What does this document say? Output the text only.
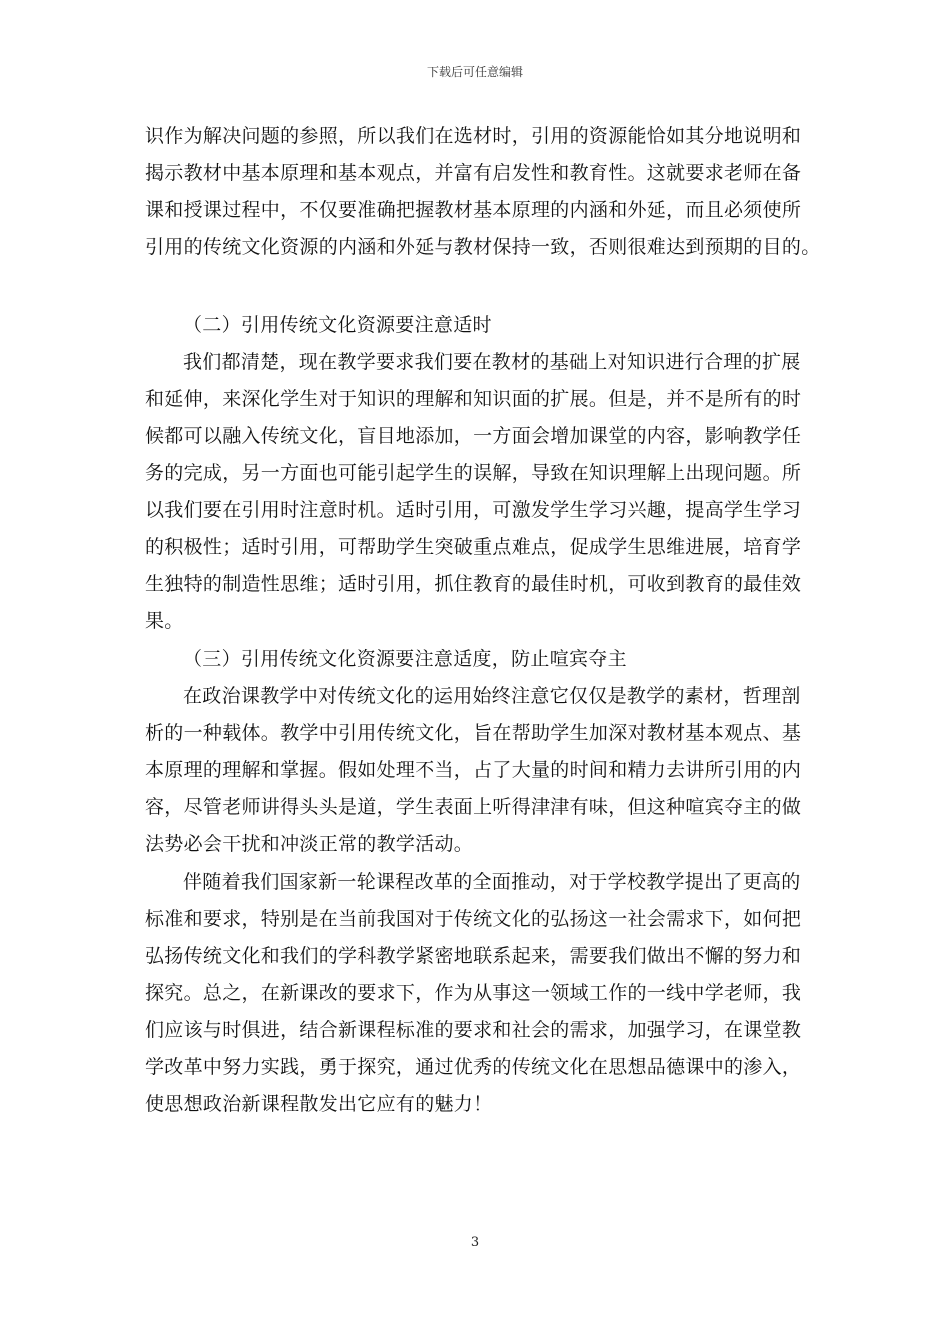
下载后可任意编辑
识作为解决问题的参照，所以我们在选材时，引用的资源能恰如其分地说明和
揭示教材中基本原理和基本观点，并富有启发性和教育性。这就要求老师在备
课和授课过程中，不仅要准确把握教材基本原理的内涵和外延，而且必须使所
引用的传统文化资源的内涵和外延与教材保持一致，否则很难达到预期的目的。
（二）引用传统文化资源要注意适时
我们都清楚，现在教学要求我们要在教材的基础上对知识进行合理的扩展
和延伸，来深化学生对于知识的理解和知识面的扩展。但是，并不是所有的时
候都可以融入传统文化，盲目地添加，一方面会增加课堂的内容，影响教学任
务的完成，另一方面也可能引起学生的误解，导致在知识理解上出现问题。所
以我们要在引用时注意时机。适时引用，可激发学生学习兴趣，提高学生学习
的积极性；适时引用，可帮助学生突破重点难点，促成学生思维进展，培育学
生独特的制造性思维；适时引用，抓住教育的最佳时机，可收到教育的最佳效
果。
（三）引用传统文化资源要注意适度，防止喧宾夺主
在政治课教学中对传统文化的运用始终注意它仅仅是教学的素材，哲理剖
析的一种载体。教学中引用传统文化，旨在帮助学生加深对教材基本观点、基
本原理的理解和掌握。假如处理不当，占了大量的时间和精力去讲所引用的内
容，尽管老师讲得头头是道，学生表面上听得津津有味，但这种喧宾夺主的做
法势必会干扰和冲淡正常的教学活动。
伴随着我们国家新一轮课程改革的全面推动，对于学校教学提出了更高的
标准和要求，特别是在当前我国对于传统文化的弘扬这一社会需求下，如何把
弘扬传统文化和我们的学科教学紧密地联系起来，需要我们做出不懈的努力和
探究。总之，在新课改的要求下，作为从事这一领域工作的一线中学老师，我
们应该与时俱进，结合新课程标准的要求和社会的需求，加强学习，在课堂教
学改革中努力实践，勇于探究，通过优秀的传统文化在思想品德课中的渗入，
使思想政治新课程散发出它应有的魅力！
3
